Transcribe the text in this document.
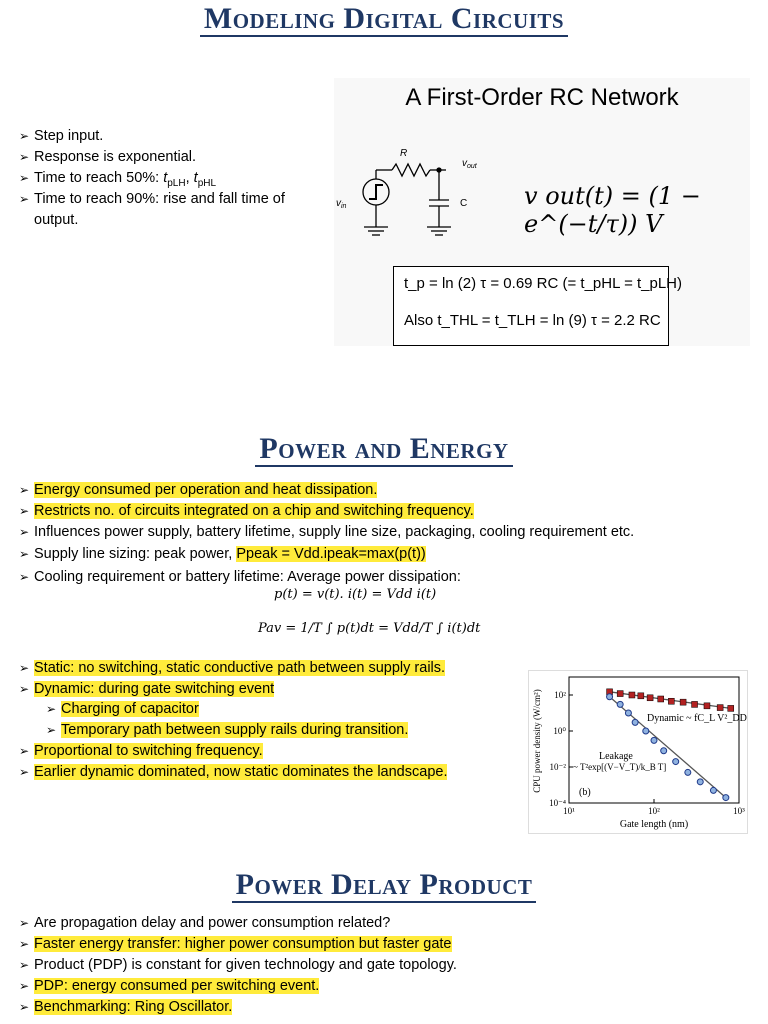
Modeling Digital Circuits
➢ Step input.
➢ Response is exponential.
➢ Time to reach 50%: $t_{pLH}$, $t_{pHL}$
➢ Time to reach 90%: rise and fall time of
output.
A First-Order RC Network
R
$v_{out}$
$v_{in}$	C v out(t) = (1 − e^(−t/τ)) V
t_p = ln (2) τ = 0.69 RC (= t_pHL = t_pLH)
Also t_THL = t_TLH = ln (9) τ = 2.2 RC
Power and Energy
➢ Energy consumed per operation and heat dissipation.
➢ Restricts no. of circuits integrated on a chip and switching frequency.
➢ Influences power supply, battery lifetime, supply line size, packaging, cooling requirement etc.
➢ Supply line sizing: peak power, Ppeak = Vdd.ipeak=max(p(t))
➢ Cooling requirement or battery lifetime: Average power dissipation:
p(t) = v(t). i(t) = Vdd i(t)
Pav = 1/T ∫ p(t)dt = Vdd/T ∫ i(t)dt
➢ Static: no switching, static conductive path between supply rails.
➢ Dynamic: during gate switching event
➢ Charging of capacitor
➢ Temporary path between supply rails during transition.
➢ Proportional to switching frequency.
➢ Earlier dynamic dominated, now static dominates the landscape.
10¹	10²	10³
10²
10⁰
10⁻²
10⁻⁴
(b)
Dynamic ~ fC_L V²_DD
Leakage
~ T²exp[(V−V_T)/k_B T]
Gate length (nm)
CPU power density (W/cm²)
Power Delay Product
➢ Are propagation delay and power consumption related?
➢ Faster energy transfer: higher power consumption but faster gate
➢ Product (PDP) is constant for given technology and gate topology.
➢ PDP: energy consumed per switching event.
➢ Benchmarking: Ring Oscillator.
